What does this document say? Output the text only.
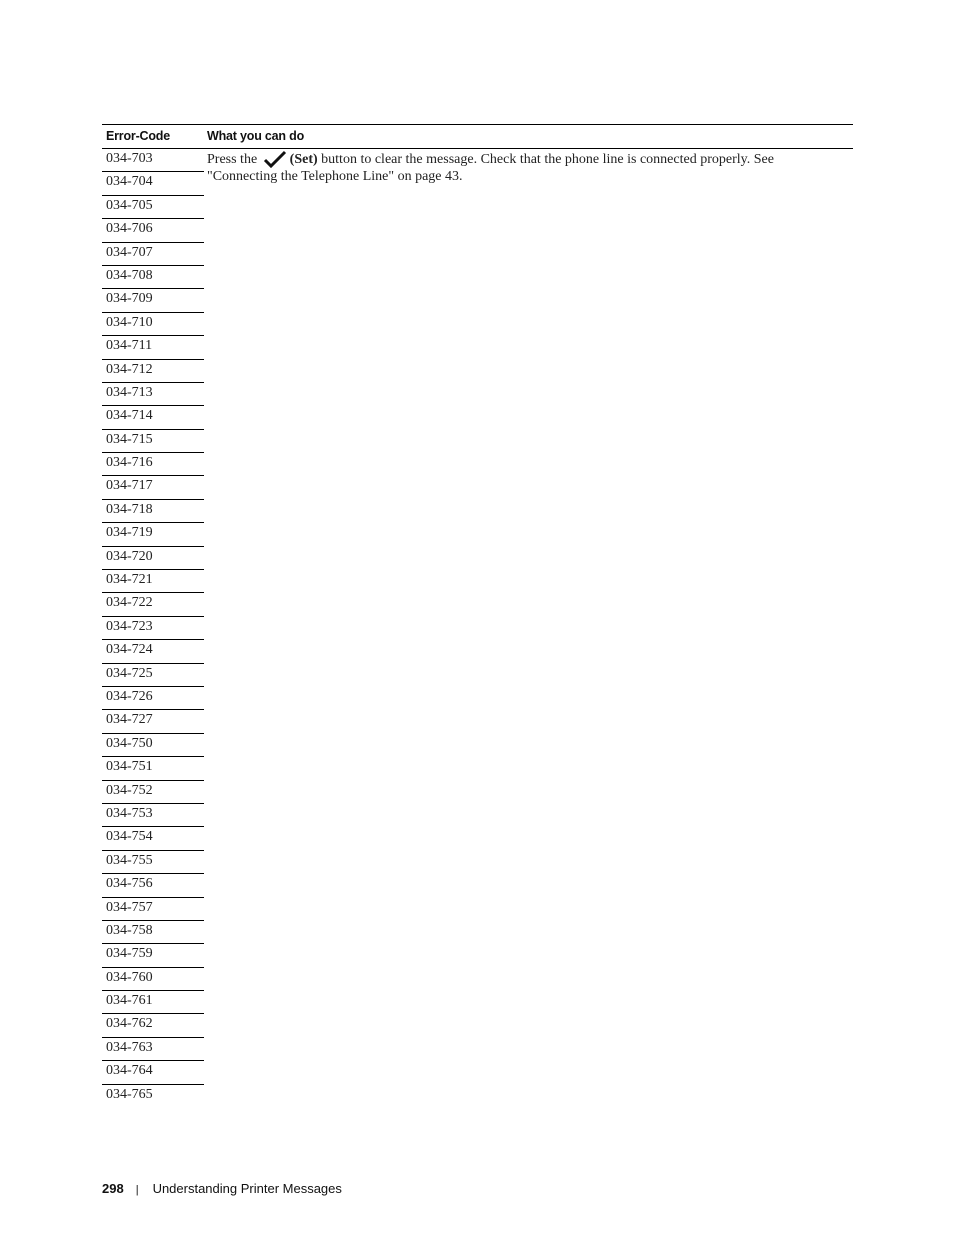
Error-Code	What you can do
034-703
034-704
034-705
034-706
034-707
034-708
034-709
034-710
034-711
034-712
034-713
034-714
034-715
034-716
034-717
034-718
034-719
034-720
034-721
034-722
034-723
034-724
034-725
034-726
034-727
034-750
034-751
034-752
034-753
034-754
034-755
034-756
034-757
034-758
034-759
034-760
034-761
034-762
034-763
034-764
034-765
Press the (Set) button to clear the message. Check that the phone line is connected properly. See
"Connecting the Telephone Line" on page 43.
298 | Understanding Printer Messages
